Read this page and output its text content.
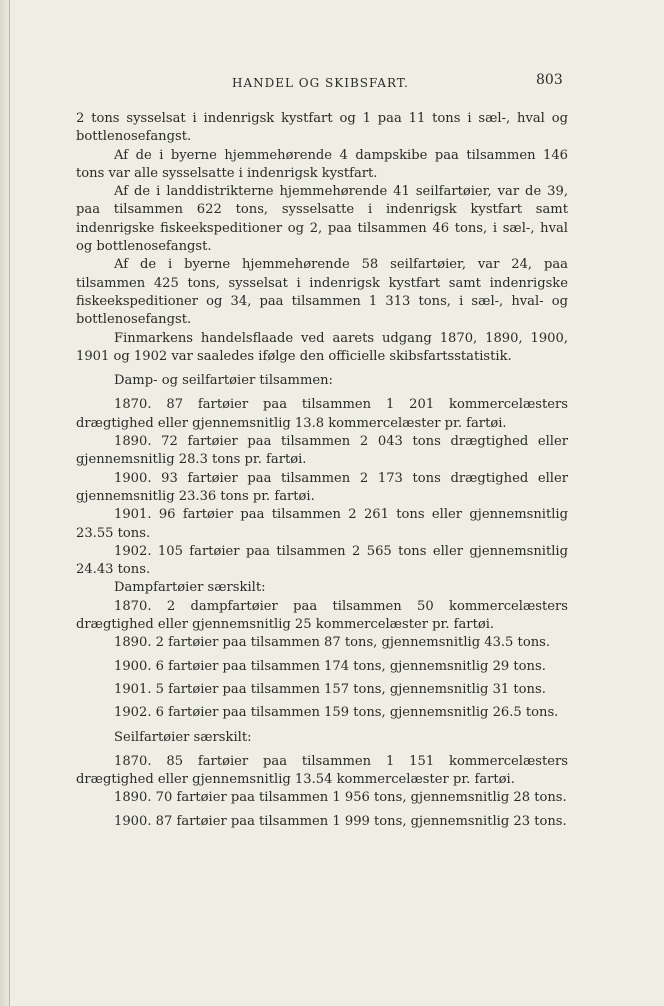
HANDEL OG SKIBSFART.	803

2 tons sysselsat i indenrigsk kystfart og 1 paa 11 tons i sæl-, hval og bottlenosefangst.

Af de i byerne hjemmehørende 4 dampskibe paa tilsammen 146 tons var alle sysselsatte i indenrigsk kystfart.

Af de i landdistrikterne hjemmehørende 41 seilfartøier, var de 39, paa tilsammen 622 tons, sysselsatte i indenrigsk kystfart samt indenrigske fiskeekspeditioner og 2, paa tilsammen 46 tons, i sæl-, hval og bottlenosefangst.

Af de i byerne hjemmehørende 58 seilfartøier, var 24, paa tilsammen 425 tons, sysselsat i indenrigsk kystfart samt indenrigske fiskeekspeditioner og 34, paa tilsammen 1 313 tons, i sæl-, hval- og bottlenosefangst.

Finmarkens handelsflaade ved aarets udgang 1870, 1890, 1900, 1901 og 1902 var saaledes ifølge den officielle skibsfartsstatistik.

Damp- og seilfartøier tilsammen:

1870. 87 fartøier paa tilsammen 1 201 kommercelæsters drægtighed eller gjennemsnitlig 13.8 kommercelæster pr. fartøi.

1890. 72 fartøier paa tilsammen 2 043 tons drægtighed eller gjennemsnitlig 28.3 tons pr. fartøi.

1900. 93 fartøier paa tilsammen 2 173 tons drægtighed eller gjennemsnitlig 23.36 tons pr. fartøi.

1901. 96 fartøier paa tilsammen 2 261 tons eller gjennemsnitlig 23.55 tons.

1902. 105 fartøier paa tilsammen 2 565 tons eller gjennemsnitlig 24.43 tons.

Dampfartøier særskilt:

1870. 2 dampfartøier paa tilsammen 50 kommercelæsters drægtighed eller gjennemsnitlig 25 kommercelæster pr. fartøi.

1890. 2 fartøier paa tilsammen 87 tons, gjennemsnitlig 43.5 tons.

1900. 6 fartøier paa tilsammen 174 tons, gjennemsnitlig 29 tons.

1901. 5 fartøier paa tilsammen 157 tons, gjennemsnitlig 31 tons.

1902. 6 fartøier paa tilsammen 159 tons, gjennemsnitlig 26.5 tons.

Seilfartøier særskilt:

1870. 85 fartøier paa tilsammen 1 151 kommercelæsters drægtighed eller gjennemsnitlig 13.54 kommercelæster pr. fartøi.

1890. 70 fartøier paa tilsammen 1 956 tons, gjennemsnitlig 28 tons.

1900. 87 fartøier paa tilsammen 1 999 tons, gjennemsnitlig 23 tons.
